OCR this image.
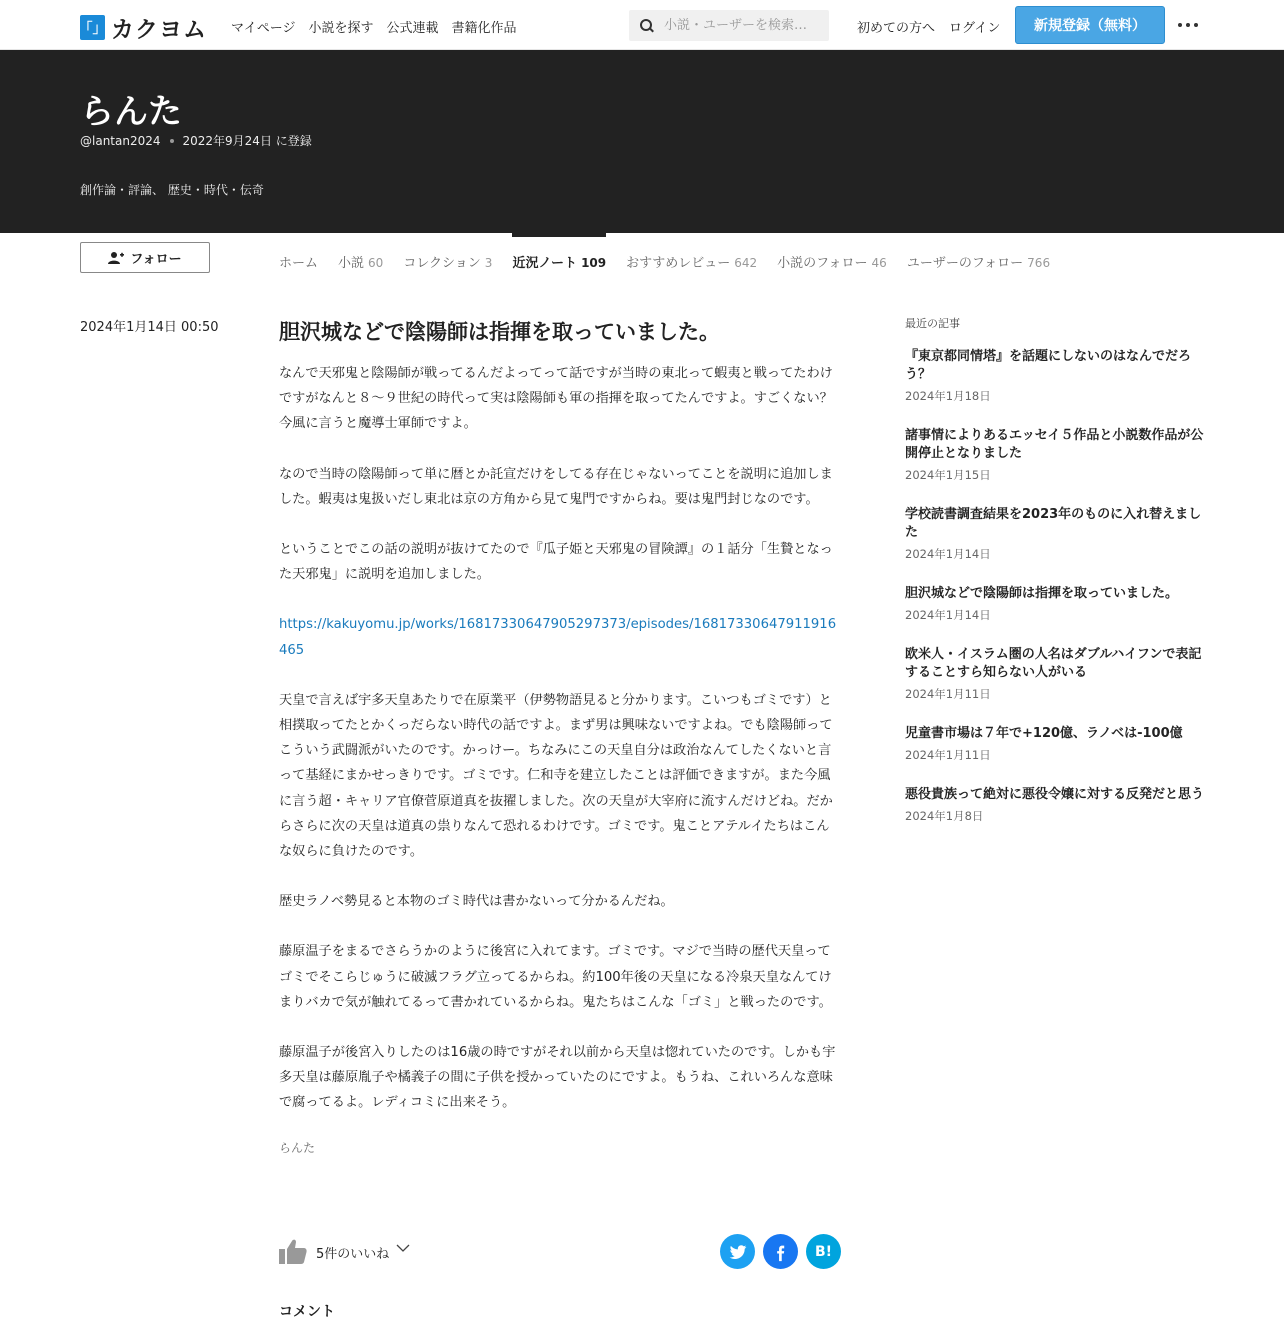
「」 カクヨム マイページ 小説を探す 公式連載 書籍化作品
小説・ユーザーを検索…	初めての方へ ログイン	新規登録（無料）
らんた
@lantan2024 2022年9月24日 に登録
創作論・評論、 歴史・時代・伝奇
フォロー	ホーム 小説 60 コレクション 3 近況ノート 109 おすすめレビュー 642 小説のフォロー 46 ユーザーのフォロー 766
2024年1月14日 00:50	胆沢城などで陰陽師は指揮を取っていました。

なんで天邪鬼と陰陽師が戦ってるんだよってって話ですが当時の東北って蝦夷と戦ってたわけですがなんと８〜９世紀の時代って実は陰陽師も軍の指揮を取ってたんですよ。すごくない？今風に言うと魔導士軍師ですよ。

なので当時の陰陽師って単に暦とか託宣だけをしてる存在じゃないってことを説明に追加しました。蝦夷は鬼扱いだし東北は京の方角から見て鬼門ですからね。要は鬼門封じなのです。

ということでこの話の説明が抜けてたので『瓜子姫と天邪鬼の冒険譚』の１話分「生贄となった天邪鬼」に説明を追加しました。

https://kakuyomu.jp/works/16817330647905297373/episodes/16817330647911916465

天皇で言えば宇多天皇あたりで在原業平（伊勢物語見ると分かります。こいつもゴミです）と相撲取ってたとかくっだらない時代の話ですよ。まず男は興味ないですよね。でも陰陽師ってこういう武闘派がいたのです。かっけー。ちなみにこの天皇自分は政治なんてしたくないと言って基経にまかせっきりです。ゴミです。仁和寺を建立したことは評価できますが。また今風に言う超・キャリア官僚菅原道真を抜擢しました。次の天皇が大宰府に流すんだけどね。だからさらに次の天皇は道真の祟りなんて恐れるわけです。ゴミです。鬼ことアテルイたちはこんな奴らに負けたのです。

歴史ラノベ勢見ると本物のゴミ時代は書かないって分かるんだね。

藤原温子をまるでさらうかのように後宮に入れてます。ゴミです。マジで当時の歴代天皇ってゴミでそこらじゅうに破滅フラグ立ってるからね。約100年後の天皇になる冷泉天皇なんてけまりバカで気が触れてるって書かれているからね。鬼たちはこんな「ゴミ」と戦ったのです。

藤原温子が後宮入りしたのは16歳の時ですがそれ以前から天皇は惚れていたのです。しかも宇多天皇は藤原胤子や橘義子の間に子供を授かっていたのにですよ。もうね、これいろんな意味で腐ってるよ。レディコミに出来そう。

らんた
5件のいいね	B!
コメント
最近の記事
『東京都同情塔』を話題にしないのはなんでだろう？
2024年1月18日
諸事情によりあるエッセイ５作品と小説数作品が公開停止となりました
2024年1月15日
学校読書調査結果を2023年のものに入れ替えました
2024年1月14日
胆沢城などで陰陽師は指揮を取っていました。
2024年1月14日
欧米人・イスラム圏の人名はダブルハイフンで表記することすら知らない人がいる
2024年1月11日
児童書市場は７年で+120億、ラノベは-100億
2024年1月11日
悪役貴族って絶対に悪役令嬢に対する反発だと思う
2024年1月8日
